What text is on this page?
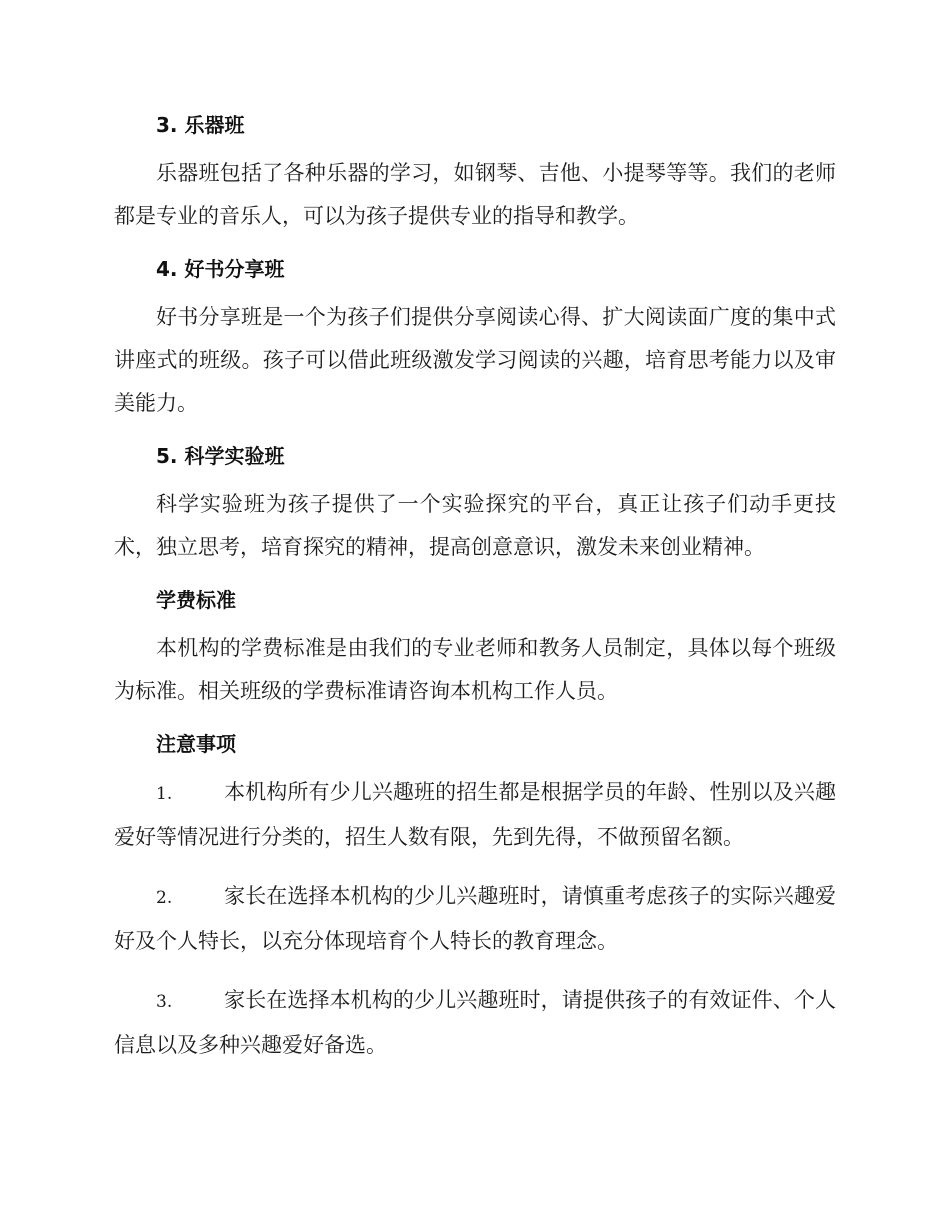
3. 乐器班

乐器班包括了各种乐器的学习，如钢琴、吉他、小提琴等等。我们的老师都是专业的音乐人，可以为孩子提供专业的指导和教学。

4. 好书分享班

好书分享班是一个为孩子们提供分享阅读心得、扩大阅读面广度的集中式讲座式的班级。孩子可以借此班级激发学习阅读的兴趣，培育思考能力以及审美能力。

5. 科学实验班

科学实验班为孩子提供了一个实验探究的平台，真正让孩子们动手更技术，独立思考，培育探究的精神，提高创意意识，激发未来创业精神。

学费标准

本机构的学费标准是由我们的专业老师和教务人员制定，具体以每个班级为标准。相关班级的学费标准请咨询本机构工作人员。

注意事项

1. 本机构所有少儿兴趣班的招生都是根据学员的年龄、性别以及兴趣爱好等情况进行分类的，招生人数有限，先到先得，不做预留名额。

2. 家长在选择本机构的少儿兴趣班时，请慎重考虑孩子的实际兴趣爱好及个人特长，以充分体现培育个人特长的教育理念。

3. 家长在选择本机构的少儿兴趣班时，请提供孩子的有效证件、个人信息以及多种兴趣爱好备选。
